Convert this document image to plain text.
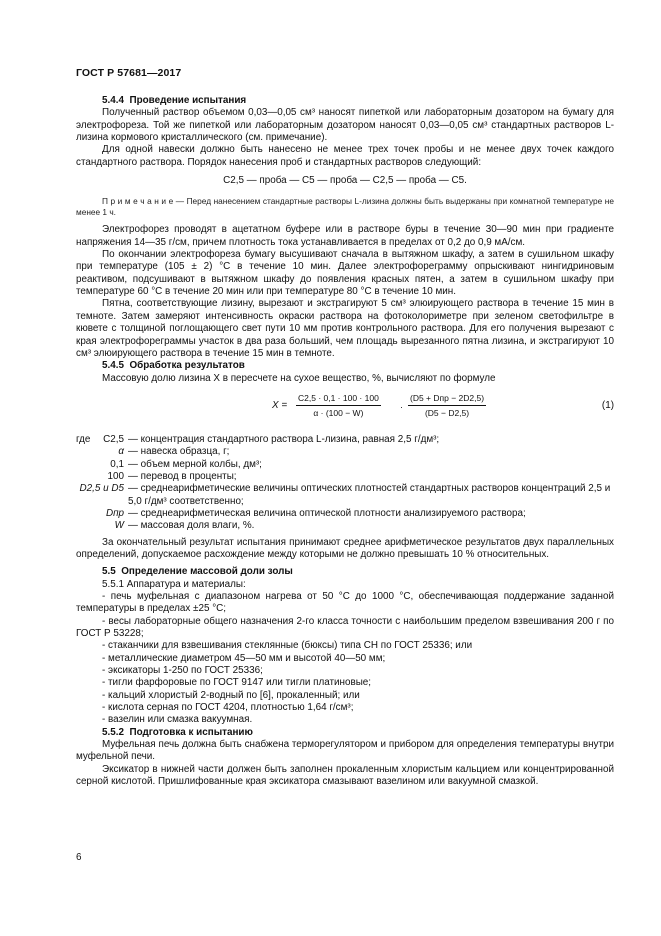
ГОСТ Р 57681—2017

5.4.4 Проведение испытания

Полученный раствор объемом 0,03—0,05 см³ наносят пипеткой или лабораторным дозатором на бумагу для электрофореза. Той же пипеткой или лабораторным дозатором наносят 0,03—0,05 см³ стандартных растворов L-лизина кормового кристаллического (см. примечание).

Для одной навески должно быть нанесено не менее трех точек пробы и не менее двух точек каждого стандартного раствора. Порядок нанесения проб и стандартных растворов следующий:

C2,5 — проба — C5 — проба — C2,5 — проба — C5.

П р и м е ч а н и е — Перед нанесением стандартные растворы L-лизина должны быть выдержаны при комнатной температуре не менее 1 ч.

Электрофорез проводят в ацетатном буфере или в растворе буры в течение 30—90 мин при градиенте напряжения 14—35 г/см, причем плотность тока устанавливается в пределах от 0,2 до 0,9 мА/см.

По окончании электрофореза бумагу высушивают сначала в вытяжном шкафу, а затем в сушильном шкафу при температуре (105 ± 2) °С в течение 10 мин. Далее электрофореграмму опрыскивают нингидриновым реактивом, подсушивают в вытяжном шкафу до появления красных пятен, а затем в сушильном шкафу при температуре 60 °С в течение 20 мин или при температуре 80 °С в течение 10 мин.

Пятна, соответствующие лизину, вырезают и экстрагируют 5 см³ элюирующего раствора в течение 15 мин в темноте. Затем замеряют интенсивность окраски раствора на фотоколориметре при зеленом светофильтре в кювете с толщиной поглощающего свет пути 10 мм против контрольного раствора. Для его получения вырезают с края электрофореграммы участок в два раза больший, чем площадь вырезанного пятна лизина, и экстрагируют 10 см³ элюирующего раствора в течение 15 мин в темноте.

5.4.5 Обработка результатов

Массовую долю лизина X в пересчете на сухое вещество, %, вычисляют по формуле

$X = \frac{C2,5 \cdot 0,1 \cdot 100 \cdot 100}{\alpha \cdot (100 - W)}$ ·
(D5 + Dпр − 2D2,5)
(D5 − D2,5)
(1)
где	C2,5 — концентрация стандартного раствора L-лизина, равная 2,5 г/дм³;
α — навеска образца, г;
0,1 — объем мерной колбы, дм³;
100 — перевод в проценты;
D2,5 и D5 — среднеарифметические величины оптических плотностей стандартных растворов концентраций 2,5 и 5,0 г/дм³ соответственно;
Dпр — среднеарифметическая величина оптической плотности анализируемого раствора;
W — массовая доля влаги, %.

За окончательный результат испытания принимают среднее арифметическое результатов двух параллельных определений, допускаемое расхождение между которыми не должно превышать 10 % относительных.

5.5 Определение массовой доли золы

5.5.1 Аппаратура и материалы:

- печь муфельная с диапазоном нагрева от 50 °С до 1000 °С, обеспечивающая поддержание заданной температуры в пределах ±25 °С;

- весы лабораторные общего назначения 2-го класса точности с наибольшим пределом взвешивания 200 г по ГОСТ Р 53228;

- стаканчики для взвешивания стеклянные (бюксы) типа СН по ГОСТ 25336; или

- металлические диаметром 45—50 мм и высотой 40—50 мм;

- эксикаторы 1-250 по ГОСТ 25336;

- тигли фарфоровые по ГОСТ 9147 или тигли платиновые;

- кальций хлористый 2-водный по [6], прокаленный; или

- кислота серная по ГОСТ 4204, плотностью 1,64 г/см³;

- вазелин или смазка вакуумная.

5.5.2 Подготовка к испытанию

Муфельная печь должна быть снабжена терморегулятором и прибором для определения температуры внутри муфельной печи.

Эксикатор в нижней части должен быть заполнен прокаленным хлористым кальцием или концентрированной серной кислотой. Пришлифованные края эксикатора смазывают вазелином или вакуумной смазкой.

6
